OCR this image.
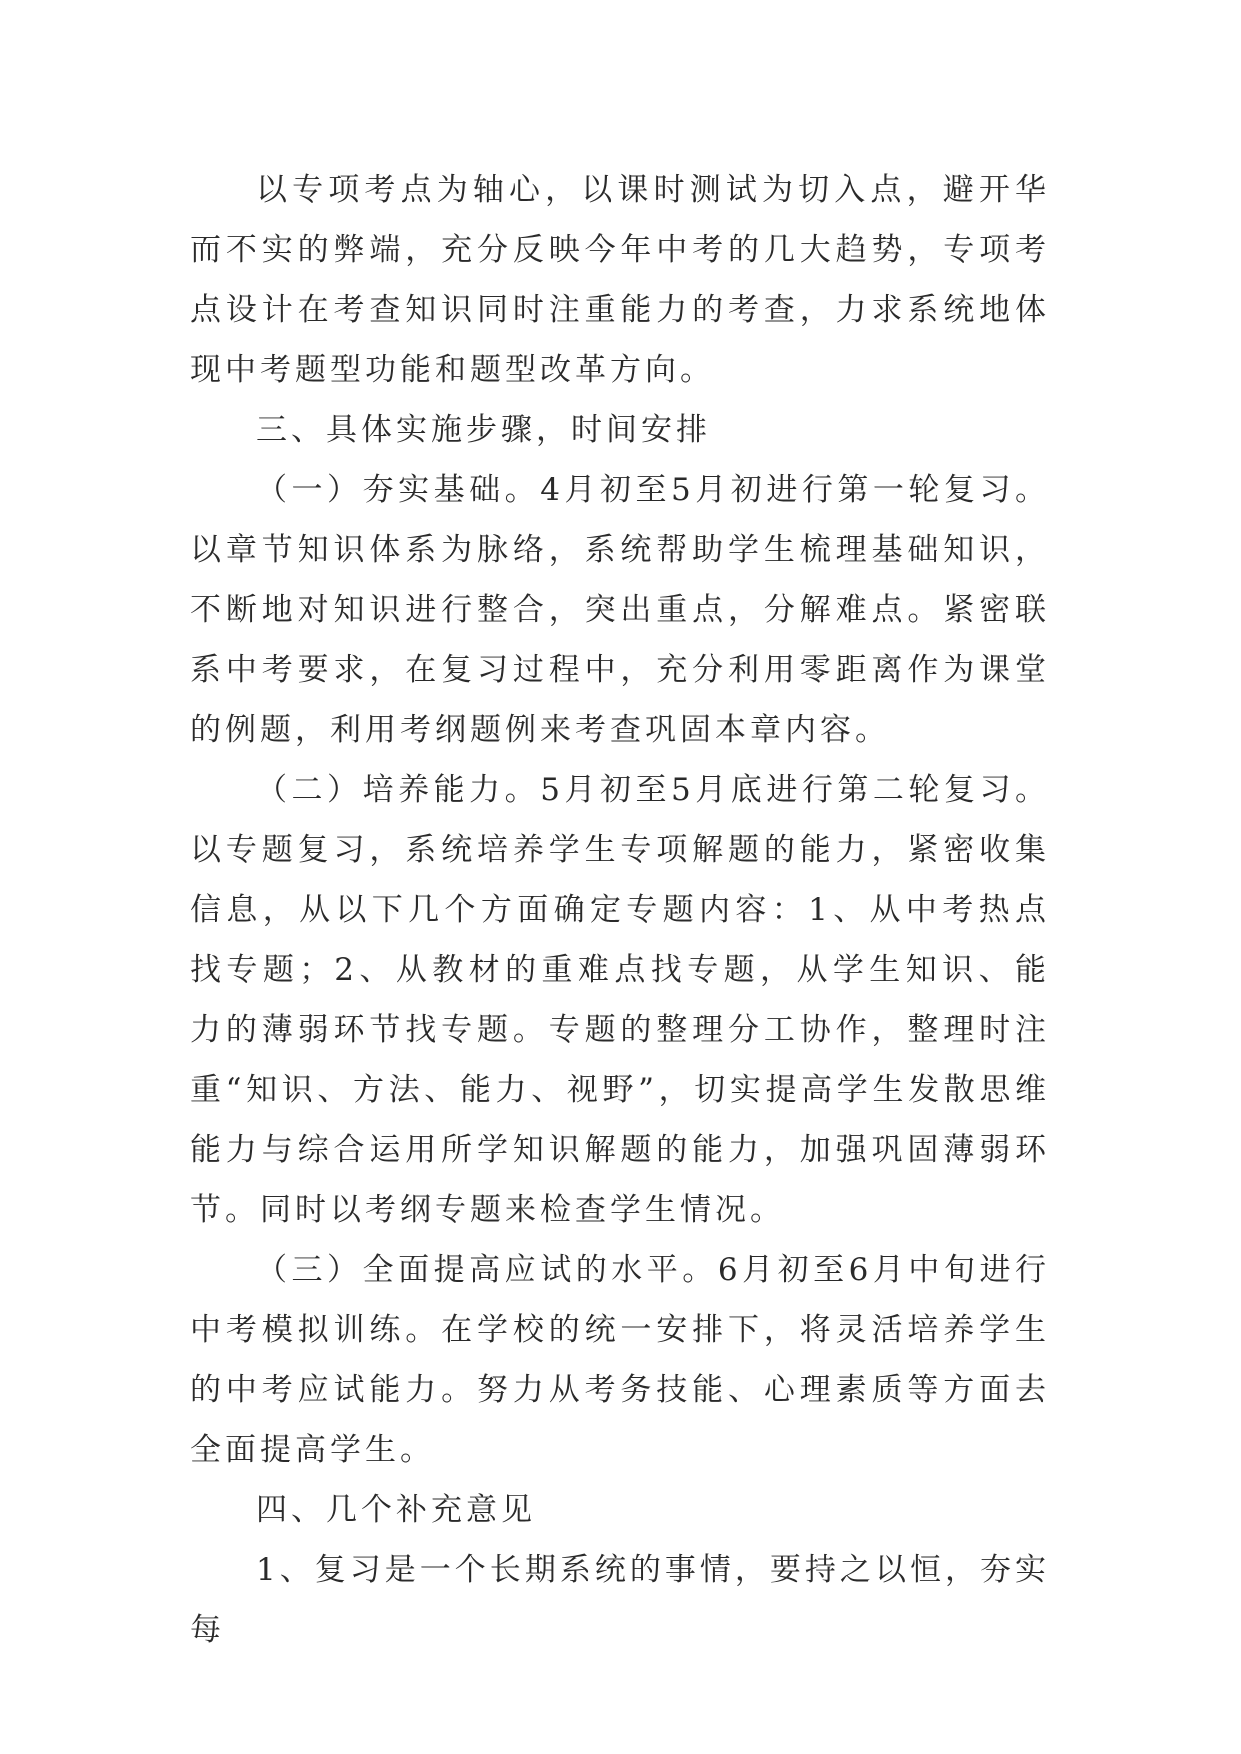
以专项考点为轴心，以课时测试为切入点，避开华而不实的弊端，充分反映今年中考的几大趋势，专项考点设计在考查知识同时注重能力的考查，力求系统地体现中考题型功能和题型改革方向。

三、具体实施步骤，时间安排

（一）夯实基础。4月初至5月初进行第一轮复习。以章节知识体系为脉络，系统帮助学生梳理基础知识，不断地对知识进行整合，突出重点，分解难点。紧密联系中考要求，在复习过程中，充分利用零距离作为课堂的例题，利用考纲题例来考查巩固本章内容。

（二）培养能力。5月初至5月底进行第二轮复习。以专题复习，系统培养学生专项解题的能力，紧密收集信息，从以下几个方面确定专题内容：1、从中考热点找专题；2、从教材的重难点找专题，从学生知识、能力的薄弱环节找专题。专题的整理分工协作，整理时注重“知识、方法、能力、视野”，切实提高学生发散思维能力与综合运用所学知识解题的能力，加强巩固薄弱环节。同时以考纲专题来检查学生情况。

（三）全面提高应试的水平。6月初至6月中旬进行中考模拟训练。在学校的统一安排下，将灵活培养学生的中考应试能力。努力从考务技能、心理素质等方面去全面提高学生。

四、几个补充意见

1、复习是一个长期系统的事情，要持之以恒，夯实每
